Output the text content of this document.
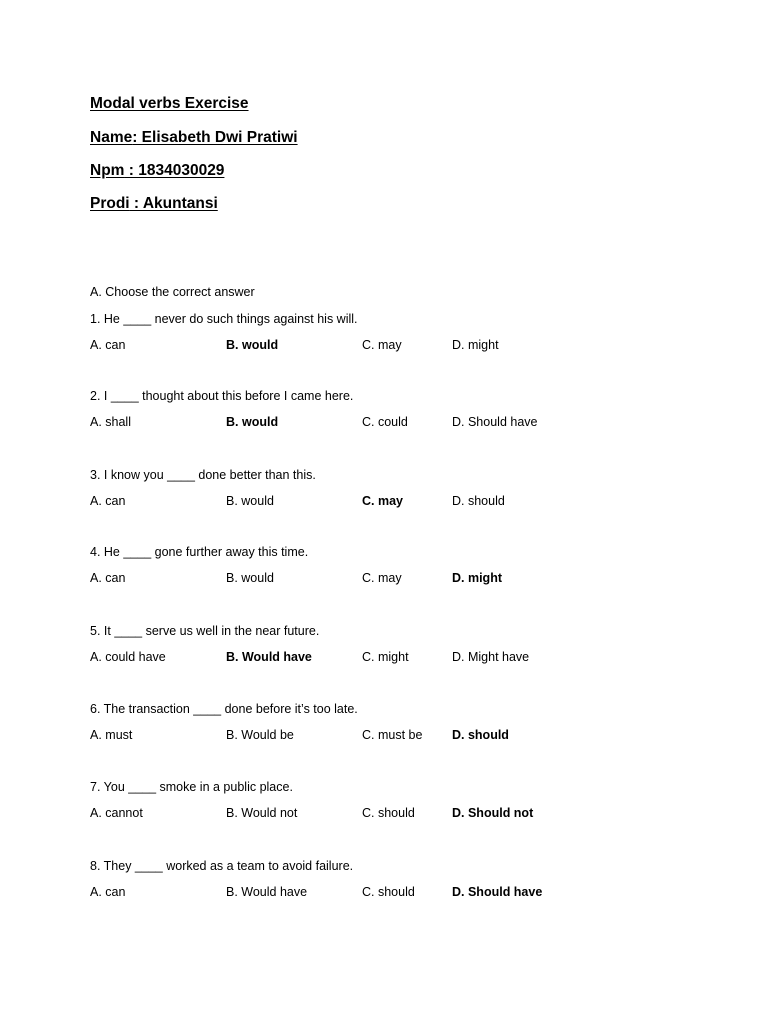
Modal verbs Exercise
Name: Elisabeth Dwi Pratiwi
Npm : 1834030029
Prodi : Akuntansi
A. Choose the correct answer
1. He ____ never do such things against his will.
A. can	B. would	C. may	D. might
2. I ____ thought about this before I came here.
A. shall	B. would	C. could	D. Should have
3. I know you ____ done better than this.
A. can	B. would	C. may	D. should
4. He ____ gone further away this time.
A. can	B. would	C. may	D. might
5. It ____ serve us well in the near future.
A. could have	B. Would have	C. might	D. Might have
6. The transaction ____ done before it’s too late.
A. must	B. Would be	C. must be D. should
7. You ____ smoke in a public place.
A. cannot	B. Would not	C. should	D. Should not
8. They ____ worked as a team to avoid failure.
A. can	B. Would have	C. should	D. Should have
